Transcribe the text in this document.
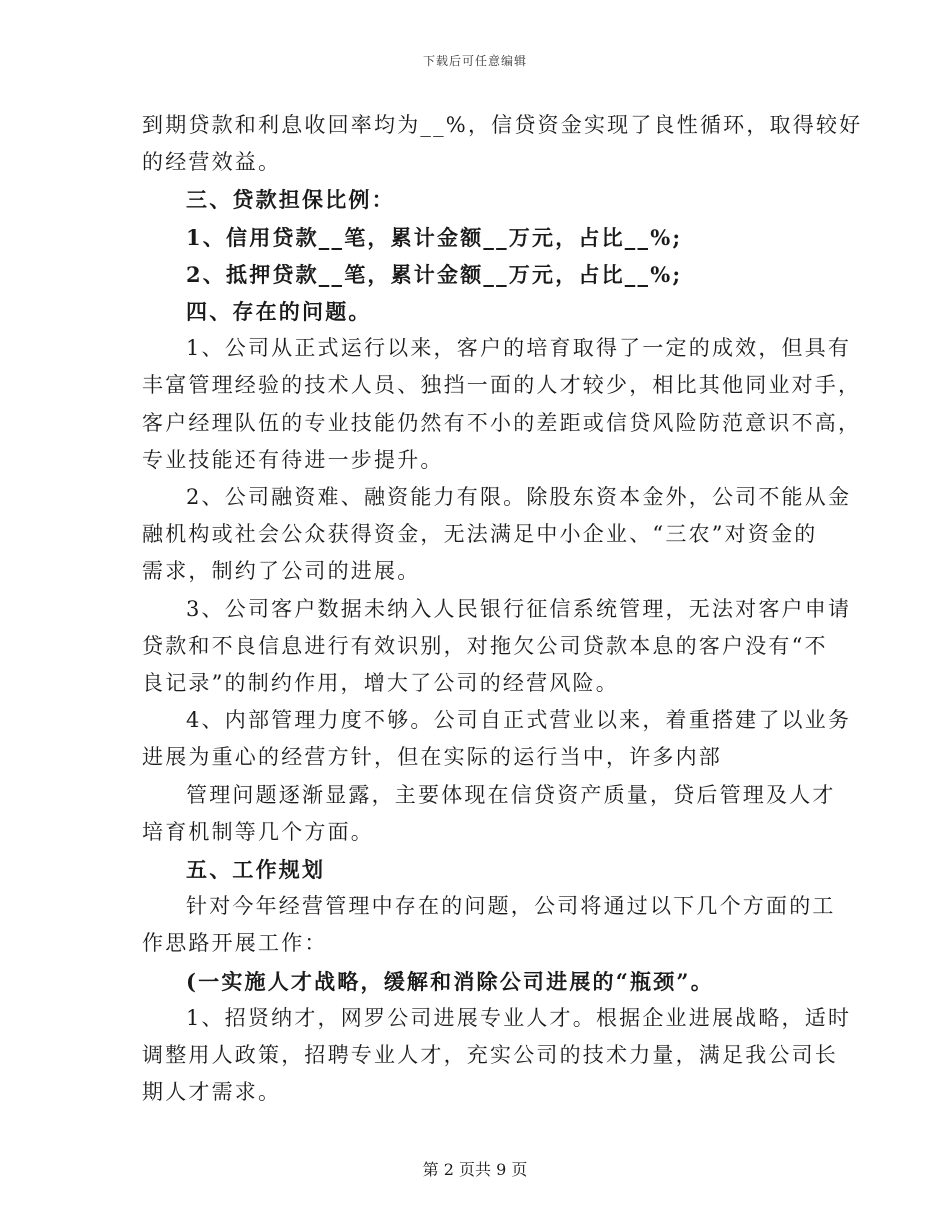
下载后可任意编辑
到期贷款和利息收回率均为__%，信贷资金实现了良性循环，取得较好
的经营效益。
三、贷款担保比例：
1、信用贷款__笔，累计金额__万元，占比__%;
2、抵押贷款__笔，累计金额__万元，占比__%;
四、存在的问题。
1、公司从正式运行以来，客户的培育取得了一定的成效，但具有
丰富管理经验的技术人员、独挡一面的人才较少，相比其他同业对手，
客户经理队伍的专业技能仍然有不小的差距或信贷风险防范意识不高，
专业技能还有待进一步提升。
2、公司融资难、融资能力有限。除股东资本金外，公司不能从金
融机构或社会公众获得资金，无法满足中小企业、“三农”对资金的
需求，制约了公司的进展。
3、公司客户数据未纳入人民银行征信系统管理，无法对客户申请
贷款和不良信息进行有效识别，对拖欠公司贷款本息的客户没有“不
良记录”的制约作用，增大了公司的经营风险。
4、内部管理力度不够。公司自正式营业以来，着重搭建了以业务
进展为重心的经营方针，但在实际的运行当中，许多内部
管理问题逐渐显露，主要体现在信贷资产质量，贷后管理及人才
培育机制等几个方面。
五、工作规划
针对今年经营管理中存在的问题，公司将通过以下几个方面的工
作思路开展工作：
(一实施人才战略，缓解和消除公司进展的“瓶颈”。
1、招贤纳才，网罗公司进展专业人才。根据企业进展战略，适时
调整用人政策，招聘专业人才，充实公司的技术力量，满足我公司长
期人才需求。
第 2 页共 9 页
